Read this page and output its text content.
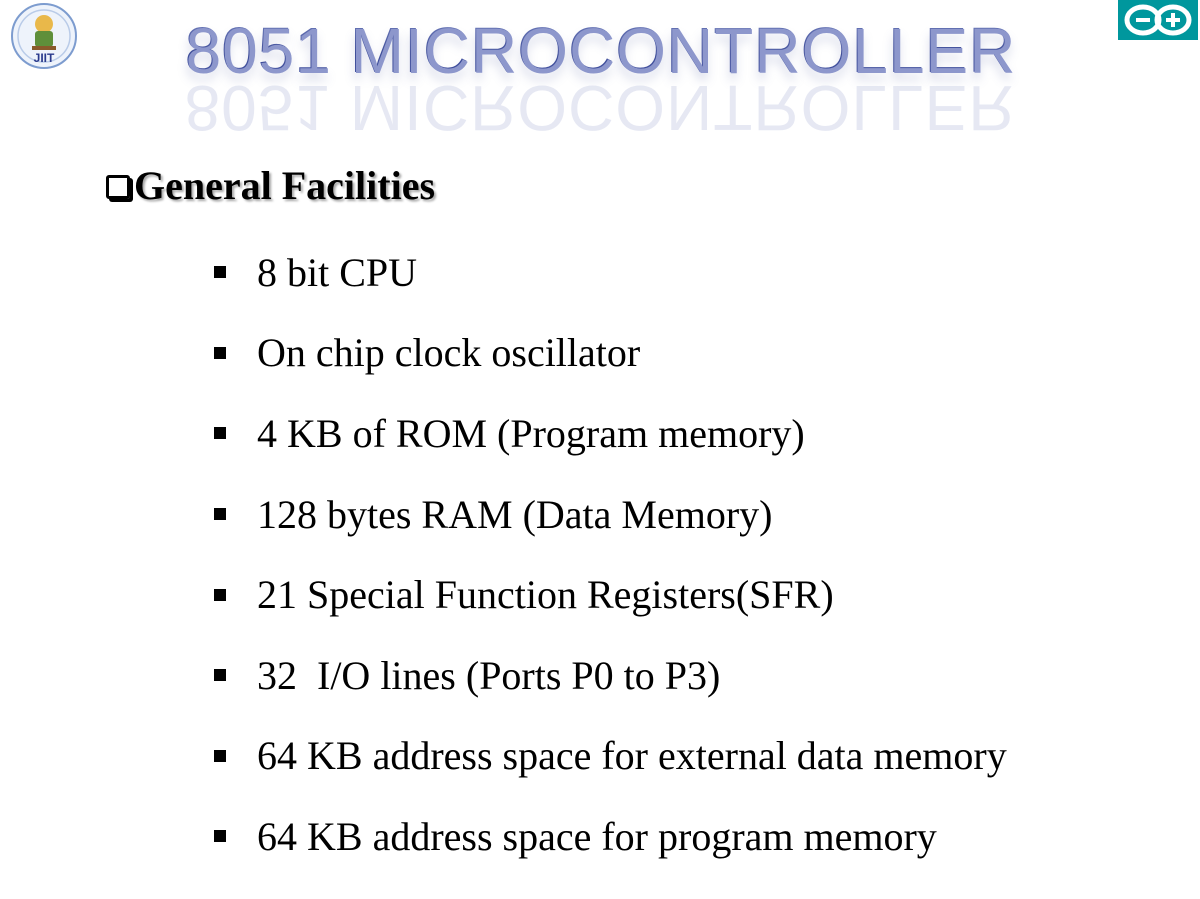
JIIT	8051 MICROCONTROLLER
8051 MICROCONTROLLER
General Facilities
8 bit CPU
On chip clock oscillator
4 KB of ROM (Program memory)
128 bytes RAM (Data Memory)
21 Special Function Registers(SFR)
32  I/O lines (Ports P0 to P3)
64 KB address space for external data memory
64 KB address space for program memory
